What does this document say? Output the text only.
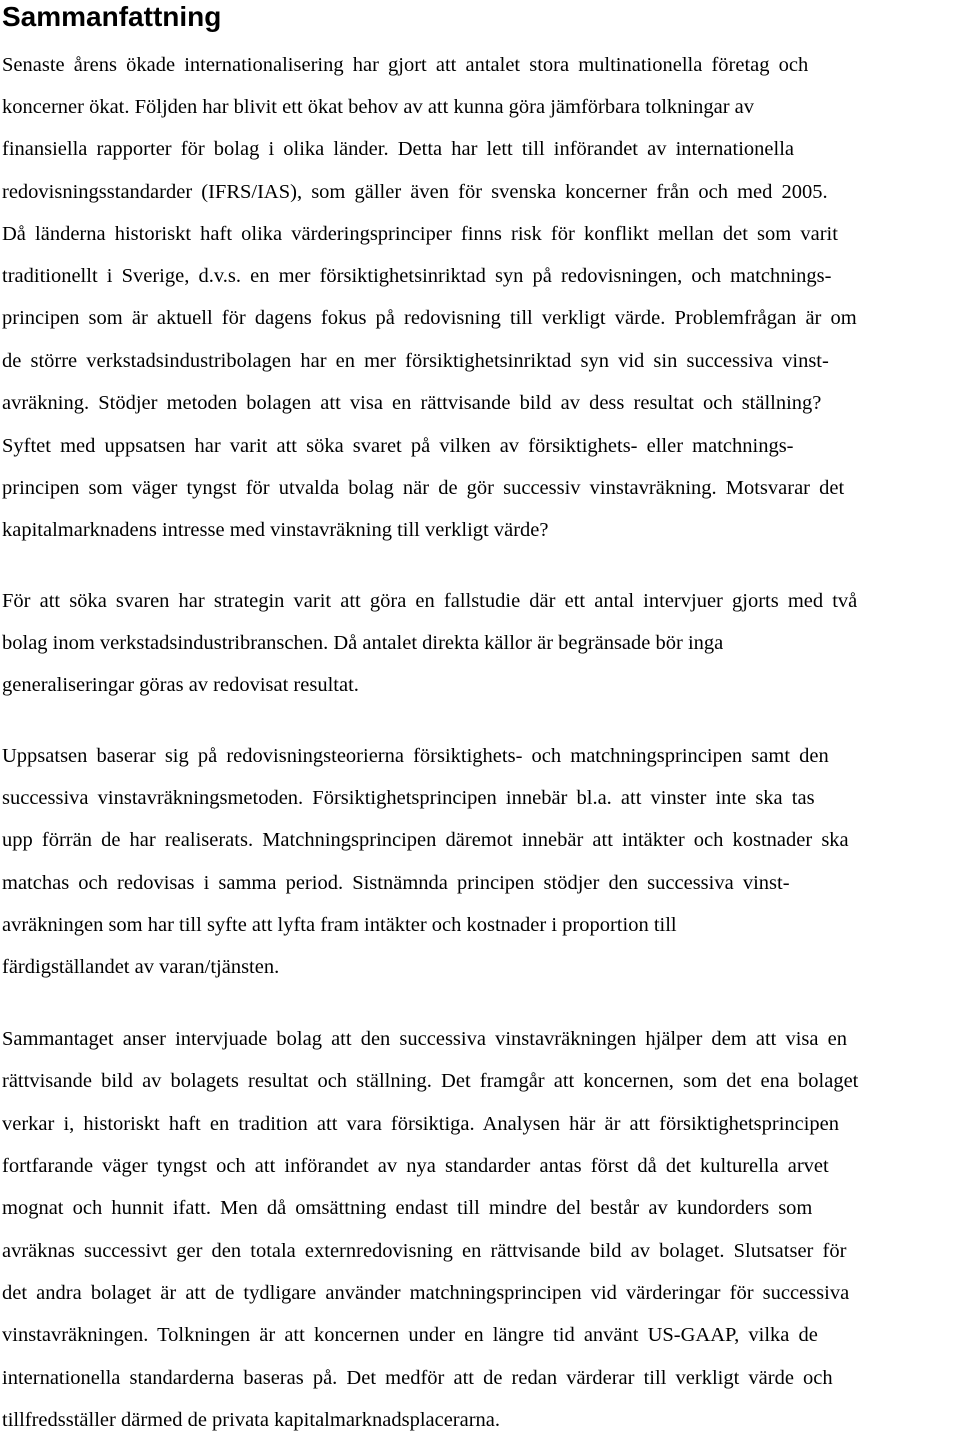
Sammanfattning

Senaste årens ökade internationalisering har gjort att antalet stora multinationella företag och

koncerner ökat. Följden har blivit ett ökat behov av att kunna göra jämförbara tolkningar av

finansiella rapporter för bolag i olika länder. Detta har lett till införandet av internationella

redovisningsstandarder (IFRS/IAS), som gäller även för svenska koncerner från och med 2005.

Då länderna historiskt haft olika värderingsprinciper finns risk för konflikt mellan det som varit

traditionellt i Sverige, d.v.s. en mer försiktighetsinriktad syn på redovisningen, och matchnings-

principen som är aktuell för dagens fokus på redovisning till verkligt värde. Problemfrågan är om

de större verkstadsindustribolagen har en mer försiktighetsinriktad syn vid sin successiva vinst-

avräkning. Stödjer metoden bolagen att visa en rättvisande bild av dess resultat och ställning?

Syftet med uppsatsen har varit att söka svaret på vilken av försiktighets- eller matchnings-

principen som väger tyngst för utvalda bolag när de gör successiv vinstavräkning. Motsvarar det

kapitalmarknadens intresse med vinstavräkning till verkligt värde?

För att söka svaren har strategin varit att göra en fallstudie där ett antal intervjuer gjorts med två

bolag inom verkstadsindustribranschen. Då antalet direkta källor är begränsade bör inga

generaliseringar göras av redovisat resultat.

Uppsatsen baserar sig på redovisningsteorierna försiktighets- och matchningsprincipen samt den

successiva vinstavräkningsmetoden. Försiktighetsprincipen innebär bl.a. att vinster inte ska tas

upp förrän de har realiserats. Matchningsprincipen däremot innebär att intäkter och kostnader ska

matchas och redovisas i samma period. Sistnämnda principen stödjer den successiva vinst-

avräkningen som har till syfte att lyfta fram intäkter och kostnader i proportion till

färdigställandet av varan/tjänsten.

Sammantaget anser intervjuade bolag att den successiva vinstavräkningen hjälper dem att visa en

rättvisande bild av bolagets resultat och ställning. Det framgår att koncernen, som det ena bolaget

verkar i, historiskt haft en tradition att vara försiktiga. Analysen här är att försiktighetsprincipen

fortfarande väger tyngst och att införandet av nya standarder antas först då det kulturella arvet

mognat och hunnit ifatt. Men då omsättning endast till mindre del består av kundorders som

avräknas successivt ger den totala externredovisning en rättvisande bild av bolaget. Slutsatser för

det andra bolaget är att de tydligare använder matchningsprincipen vid värderingar för successiva

vinstavräkningen. Tolkningen är att koncernen under en längre tid använt US-GAAP, vilka de

internationella standarderna baseras på. Det medför att de redan värderar till verkligt värde och

tillfredsställer därmed de privata kapitalmarknadsplacerarna.
